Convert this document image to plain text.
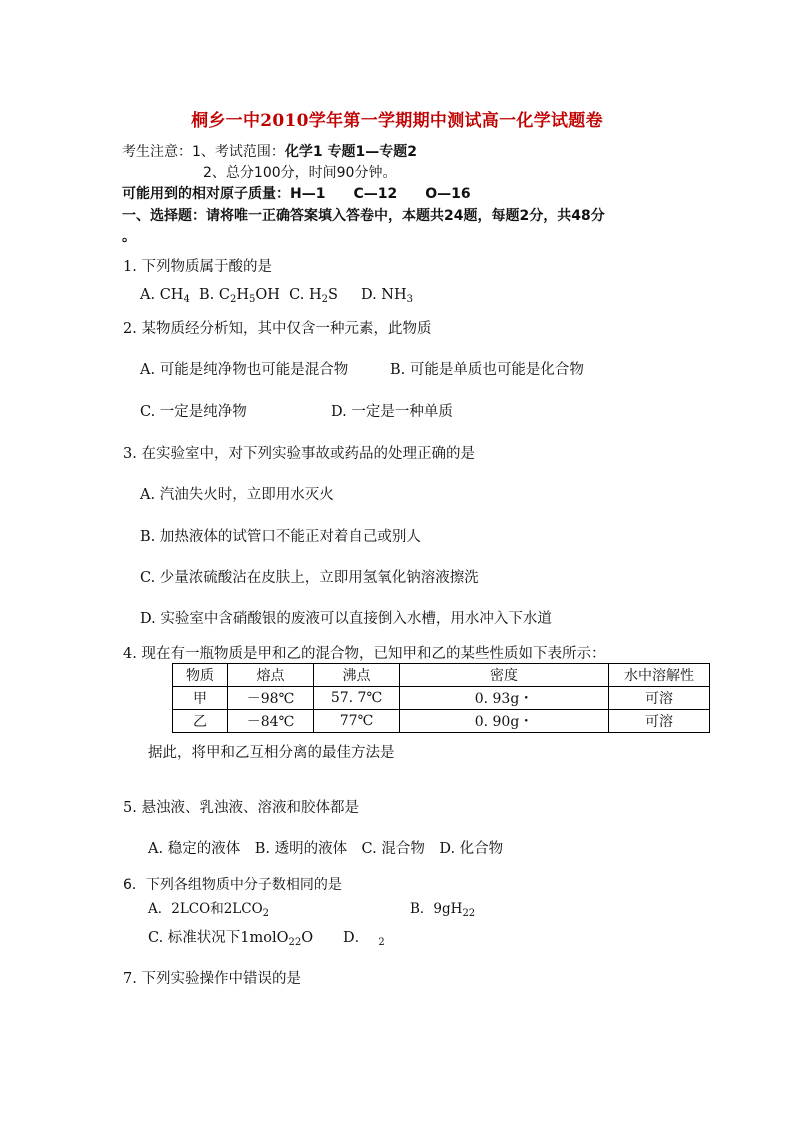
桐乡一中2010学年第一学期期中测试高一化学试题卷
考生注意：1、考试范围：化学1 专题1—专题2
2、总分100分，时间90分钟。
可能用到的相对原子质量：H—1　　C—12　　O—16
一、选择题：请将唯一正确答案填入答卷中，本题共24题，每题2分，共48分
。
1. 下列物质属于酸的是
A. $CH_4$ B. $C_2H_5OH$ C. $H_2S$ D. $NH_3$
2. 某物质经分析知，其中仅含一种元素，此物质
A. 可能是纯净物也可能是混合物	B. 可能是单质也可能是化合物
C. 一定是纯净物	D. 一定是一种单质
3. 在实验室中，对下列实验事故或药品的处理正确的是
A. 汽油失火时，立即用水灭火
B. 加热液体的试管口不能正对着自己或别人
C. 少量浓硫酸沾在皮肤上，立即用氢氧化钠溶液擦洗
D. 实验室中含硝酸银的废液可以直接倒入水槽，用水冲入下水道
4. 现在有一瓶物质是甲和乙的混合物，已知甲和乙的某些性质如下表所示：
物质	熔点	沸点	密度	水中溶解性
甲	－98℃	57. 7℃	0. 93g・	可溶
乙	－84℃	77℃	0. 90g・	可溶
据此，将甲和乙互相分离的最佳方法是
5. 悬浊液、乳浊液、溶液和胶体都是
A. 稳定的液体　B. 透明的液体　C. 混合物　D. 化合物
6．下列各组物质中分子数相同的是
A．2LCO和$2LCO_2$	B．$9gH_{22}$
C. 标准状况下1molO$_{22}$O D． $_2$
7. 下列实验操作中错误的是
